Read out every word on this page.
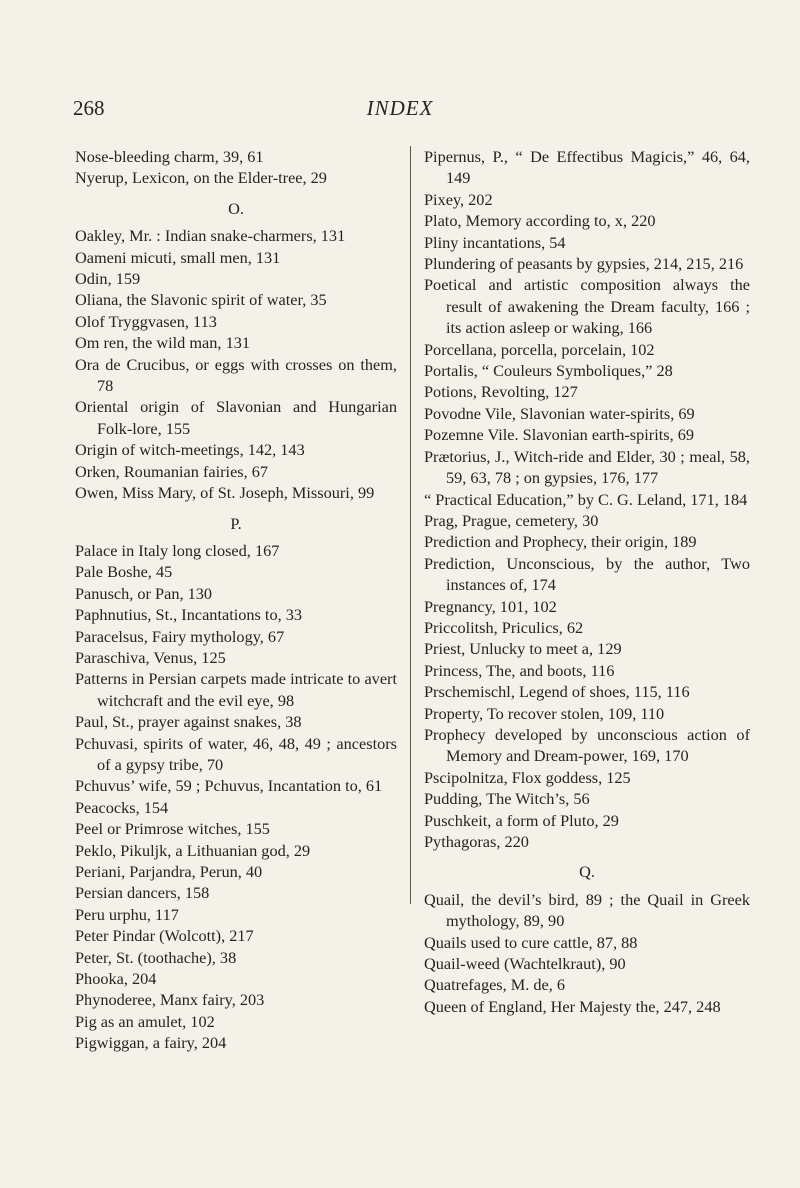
268	INDEX
Nose-bleeding charm, 39, 61
Nyerup, Lexicon, on the Elder-tree, 29
O.
Oakley, Mr. : Indian snake-charmers, 131
Oameni micuti, small men, 131
Odin, 159
Oliana, the Slavonic spirit of water, 35
Olof Tryggvasen, 113
Om ren, the wild man, 131
Ora de Crucibus, or eggs with crosses on them, 78
Oriental origin of Slavonian and Hungarian Folk-lore, 155
Origin of witch-meetings, 142, 143
Orken, Roumanian fairies, 67
Owen, Miss Mary, of St. Joseph, Missouri, 99
P.
Palace in Italy long closed, 167
Pale Boshe, 45
Panusch, or Pan, 130
Paphnutius, St., Incantations to, 33
Paracelsus, Fairy mythology, 67
Paraschiva, Venus, 125
Patterns in Persian carpets made intricate to avert witchcraft and the evil eye, 98
Paul, St., prayer against snakes, 38
Pchuvasi, spirits of water, 46, 48, 49 ; ancestors of a gypsy tribe, 70
Pchuvus’ wife, 59 ; Pchuvus, Incantation to, 61
Peacocks, 154
Peel or Primrose witches, 155
Peklo, Pikuljk, a Lithuanian god, 29
Periani, Parjandra, Perun, 40
Persian dancers, 158
Peru urphu, 117
Peter Pindar (Wolcott), 217
Peter, St. (toothache), 38
Phooka, 204
Phynoderee, Manx fairy, 203
Pig as an amulet, 102
Pigwiggan, a fairy, 204
Pipernus, P., “ De Effectibus Magicis,” 46, 64, 149
Pixey, 202
Plato, Memory according to, x, 220
Pliny incantations, 54
Plundering of peasants by gypsies, 214, 215, 216
Poetical and artistic composition always the result of awakening the Dream faculty, 166 ; its action asleep or waking, 166
Porcellana, porcella, porcelain, 102
Portalis, “ Couleurs Symboliques,” 28
Potions, Revolting, 127
Povodne Vile, Slavonian water-spirits, 69
Pozemne Vile. Slavonian earth-spirits, 69
Prætorius, J., Witch-ride and Elder, 30 ; meal, 58, 59, 63, 78 ; on gypsies, 176, 177
“ Practical Education,” by C. G. Leland, 171, 184
Prag, Prague, cemetery, 30
Prediction and Prophecy, their origin, 189
Prediction, Unconscious, by the author, Two instances of, 174
Pregnancy, 101, 102
Priccolitsh, Priculics, 62
Priest, Unlucky to meet a, 129
Princess, The, and boots, 116
Prschemischl, Legend of shoes, 115, 116
Property, To recover stolen, 109, 110
Prophecy developed by unconscious action of Memory and Dream-power, 169, 170
Pscipolnitza, Flox goddess, 125
Pudding, The Witch’s, 56
Puschkeit, a form of Pluto, 29
Pythagoras, 220
Q.
Quail, the devil’s bird, 89 ; the Quail in Greek mythology, 89, 90
Quails used to cure cattle, 87, 88
Quail-weed (Wachtelkraut), 90
Quatrefages, M. de, 6
Queen of England, Her Majesty the, 247, 248
